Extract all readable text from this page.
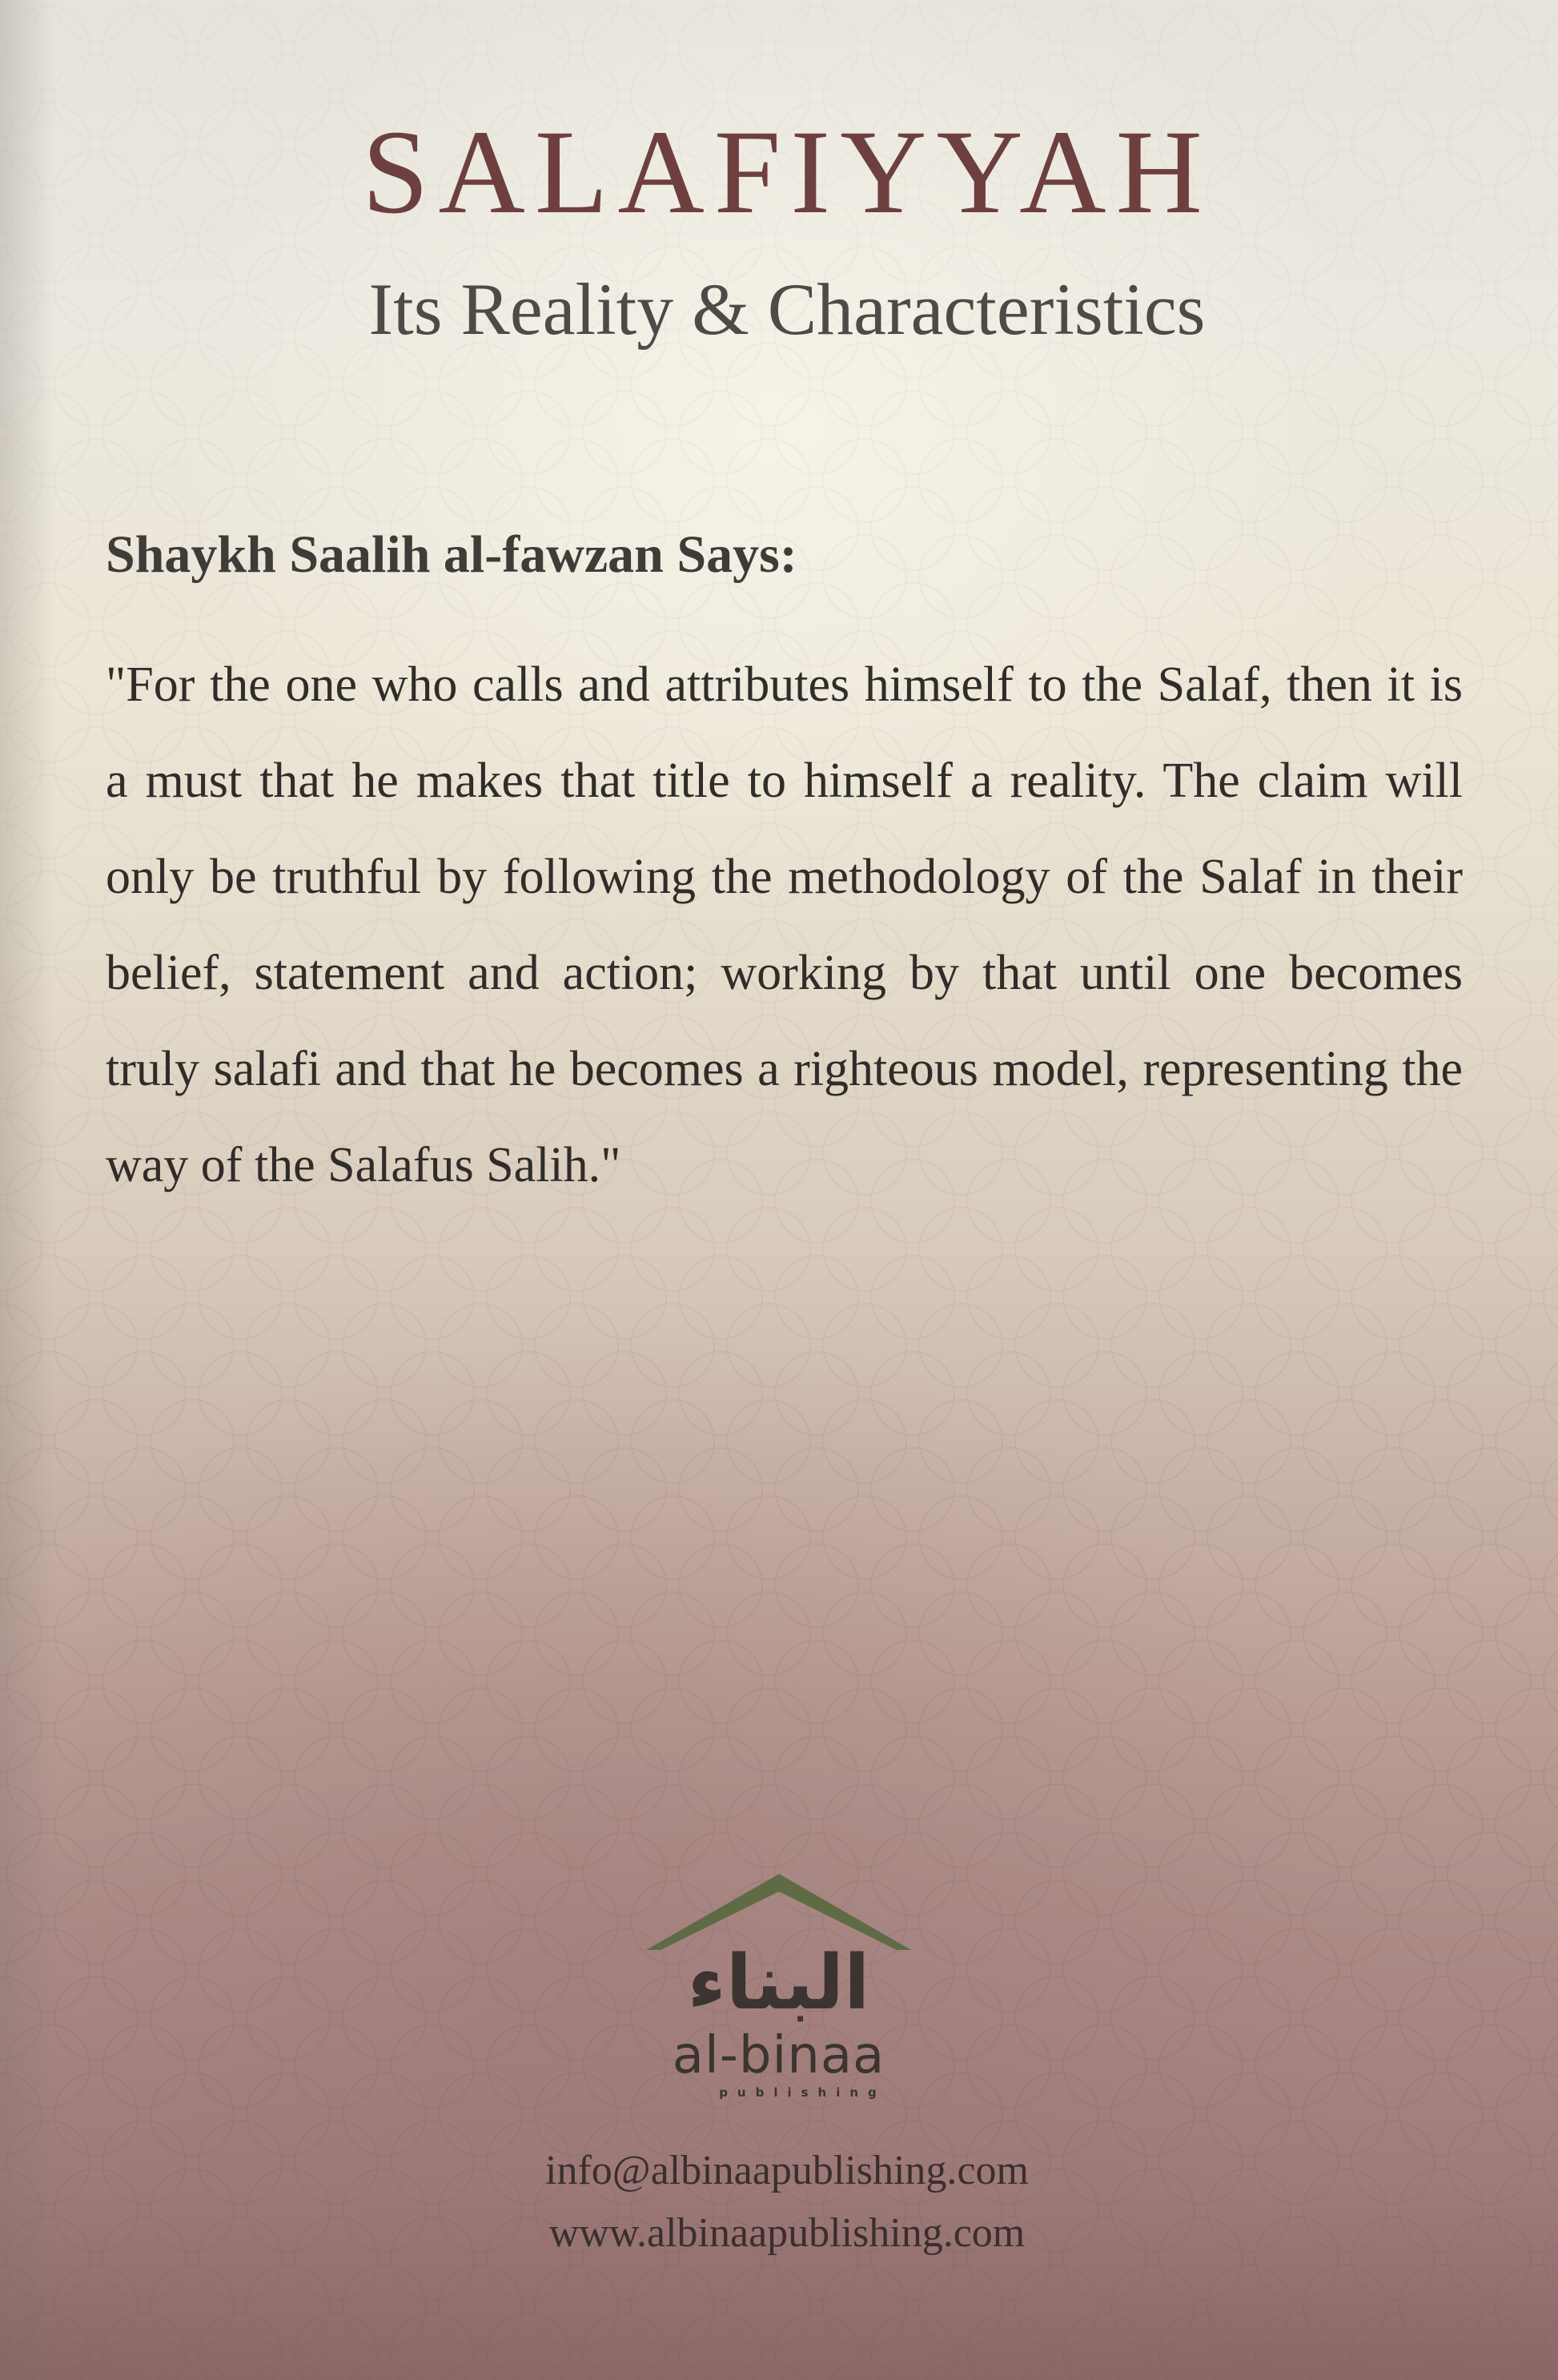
SALAFIYYAH
Its Reality & Characteristics
Shaykh Saalih al-fawzan Says:

"For the one who calls and attributes himself to the Salaf, then it is a must that he makes that title to himself a reality. The claim will only be truthful by following the methodology of the Salaf in their belief, statement and action; working by that until one becomes truly salafi and that he becomes a righteous model, representing the way of the Salafus Salih."

البناء
al-binaa
publishing

info@albinaapublishing.com

www.albinaapublishing.com
